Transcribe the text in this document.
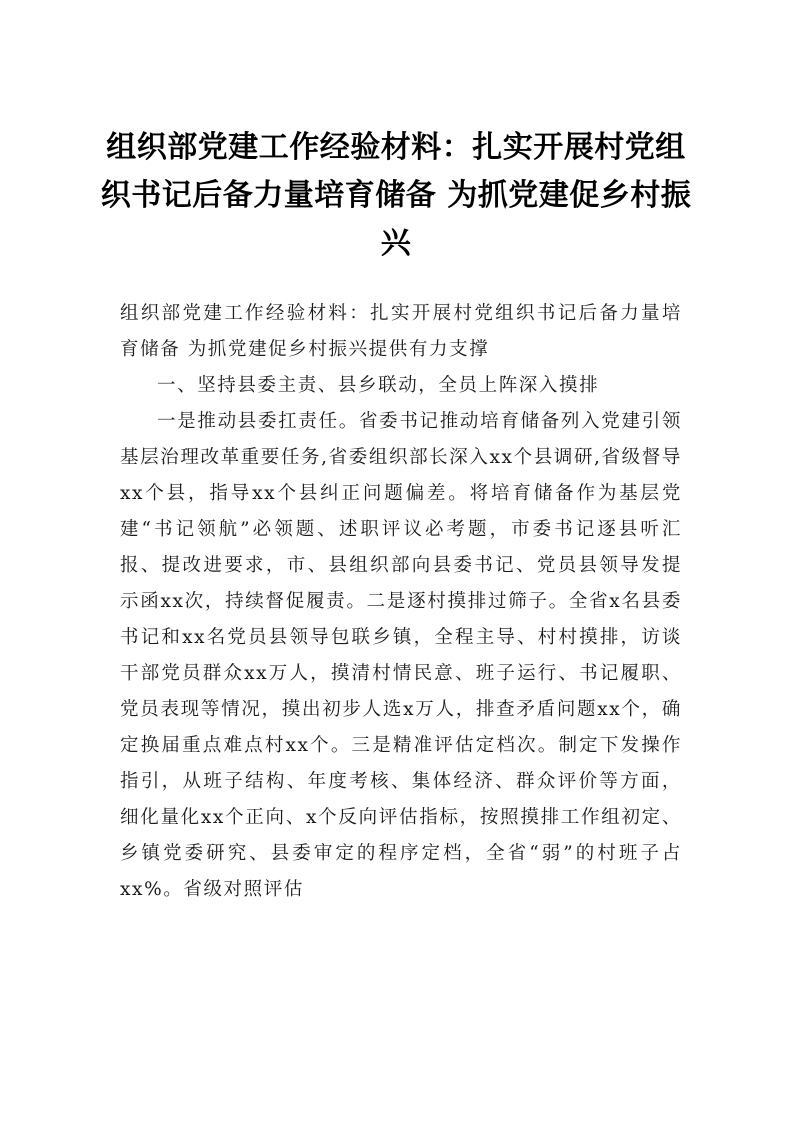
组织部党建工作经验材料：扎实开展村党组织书记后备力量培育储备 为抓党建促乡村振兴

组织部党建工作经验材料：扎实开展村党组织书记后备力量培育储备 为抓党建促乡村振兴提供有力支撑

一、坚持县委主责、县乡联动，全员上阵深入摸排

一是推动县委扛责任。省委书记推动培育储备列入党建引领基层治理改革重要任务,省委组织部长深入xx个县调研,省级督导xx个县，指导xx个县纠正问题偏差。将培育储备作为基层党建“书记领航”必领题、述职评议必考题，市委书记逐县听汇报、提改进要求，市、县组织部向县委书记、党员县领导发提示函xx次，持续督促履责。二是逐村摸排过筛子。全省x名县委书记和xx名党员县领导包联乡镇，全程主导、村村摸排，访谈干部党员群众xx万人，摸清村情民意、班子运行、书记履职、党员表现等情况，摸出初步人选x万人，排查矛盾问题xx个，确定换届重点难点村xx个。三是精准评估定档次。制定下发操作指引，从班子结构、年度考核、集体经济、群众评价等方面，细化量化xx个正向、x个反向评估指标，按照摸排工作组初定、乡镇党委研究、县委审定的程序定档，全省“弱”的村班子占xx%。省级对照评估
